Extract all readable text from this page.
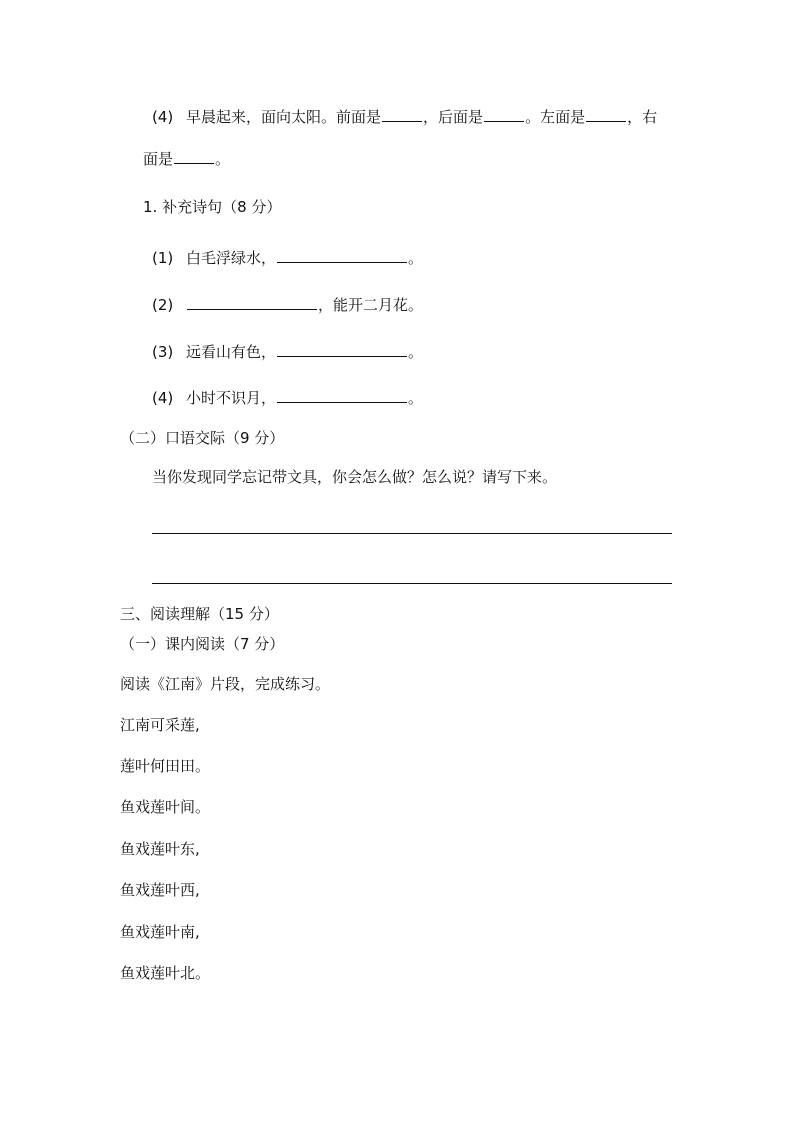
(4) 早晨起来，面向太阳。前面是	，后面是	。左面是	，右
面是	。
1. 补充诗句（8 分）
(1) 白毛浮绿水，	。
(2)	，能开二月花。
(3) 远看山有色，	。
(4) 小时不识月，	。
（二）口语交际（9 分）
当你发现同学忘记带文具，你会怎么做？怎么说？请写下来。
三、阅读理解（15 分）
（一）课内阅读（7 分）
阅读《江南》片段，完成练习。
江南可采莲,
莲叶何田田。
鱼戏莲叶间。
鱼戏莲叶东,
鱼戏莲叶西,
鱼戏莲叶南,
鱼戏莲叶北。
